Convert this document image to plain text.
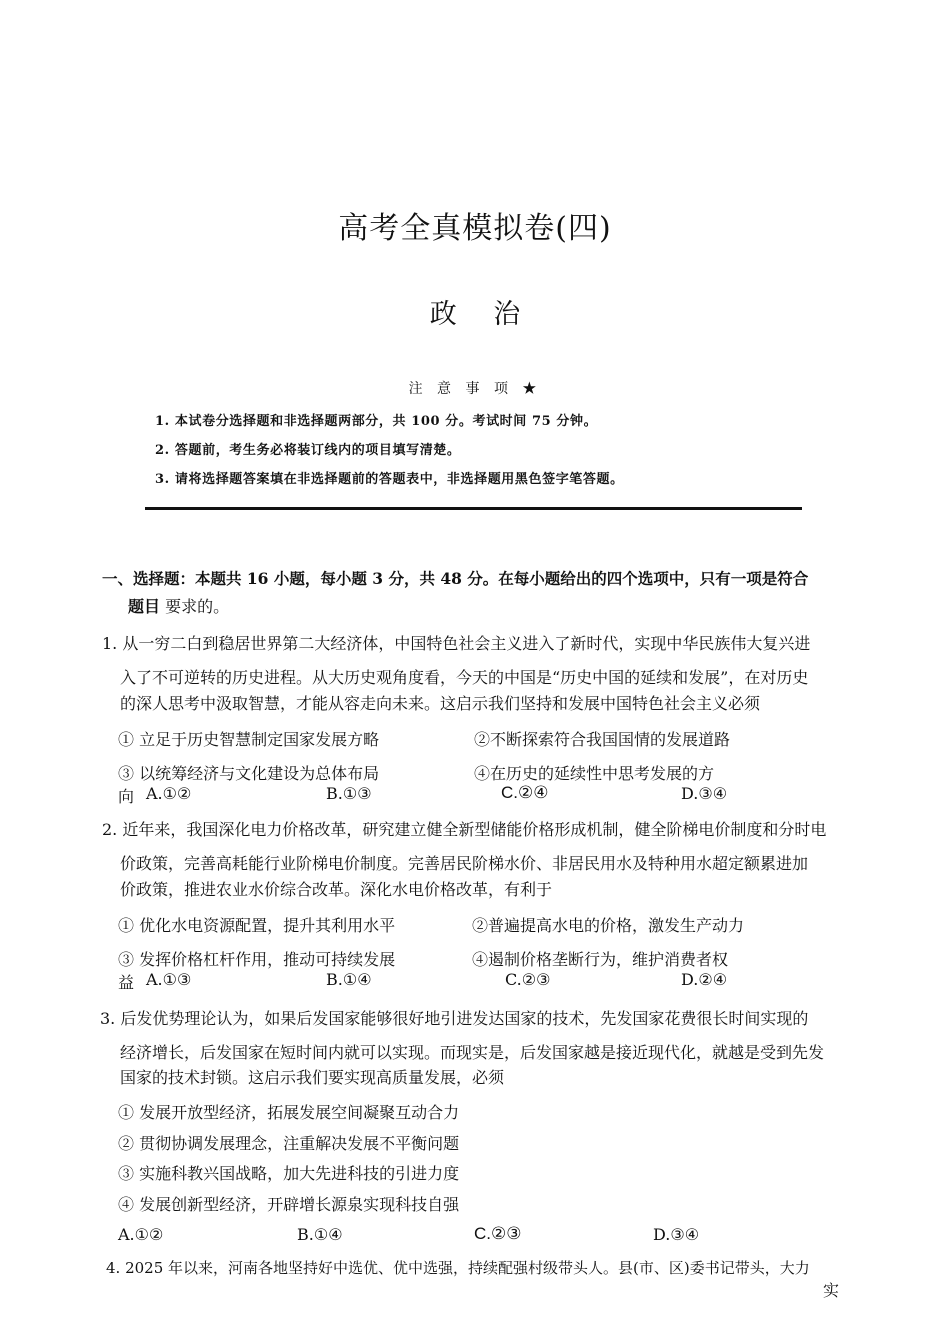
高考全真模拟卷(四)
政 治
注 意 事 项 ★
1. 本试卷分选择题和非选择题两部分，共 100 分。考试时间 75 分钟。
2. 答题前，考生务必将装订线内的项目填写清楚。
3. 请将选择题答案填在非选择题前的答题表中，非选择题用黑色签字笔答题。
一、选择题：本题共 16 小题，每小题 3 分，共 48 分。在每小题给出的四个选项中，只有一项是符合
题目 要求的。
1. 从一穷二白到稳居世界第二大经济体，中国特色社会主义进入了新时代，实现中华民族伟大复兴进
入了不可逆转的历史进程。从大历史观角度看，今天的中国是“历史中国的延续和发展”，在对历史
的深人思考中汲取智慧，才能从容走向未来。这启示我们坚持和发展中国特色社会主义必须
① 立足于历史智慧制定国家发展方略	②不断探索符合我国国情的发展道路
③ 以统筹经济与文化建设为总体布局	④在历史的延续性中思考发展的方
向 A.①②	B.①③	C.②④	D.③④
2. 近年来，我国深化电力价格改革，研究建立健全新型储能价格形成机制，健全阶梯电价制度和分时电
价政策，完善高耗能行业阶梯电价制度。完善居民阶梯水价、非居民用水及特种用水超定额累进加
价政策，推进农业水价综合改革。深化水电价格改革，有利于
① 优化水电资源配置，提升其利用水平	②普遍提高水电的价格，激发生产动力
③ 发挥价格杠杆作用，推动可持续发展	④遏制价格垄断行为，维护消费者权
益 A.①③	B.①④	C.②③	D.②④
3. 后发优势理论认为，如果后发国家能够很好地引进发达国家的技术，先发国家花费很长时间实现的
经济增长，后发国家在短时间内就可以实现。而现实是，后发国家越是接近现代化，就越是受到先发
国家的技术封锁。这启示我们要实现高质量发展，必须
① 发展开放型经济，拓展发展空间凝聚互动合力
② 贯彻协调发展理念，注重解决发展不平衡问题
③ 实施科教兴国战略，加大先进科技的引进力度
④ 发展创新型经济，开辟增长源泉实现科技自强
A.①②	B.①④	C.②③	D.③④
4. 2025 年以来，河南各地坚持好中选优、优中选强，持续配强村级带头人。县(市、区)委书记带头，大力
实
